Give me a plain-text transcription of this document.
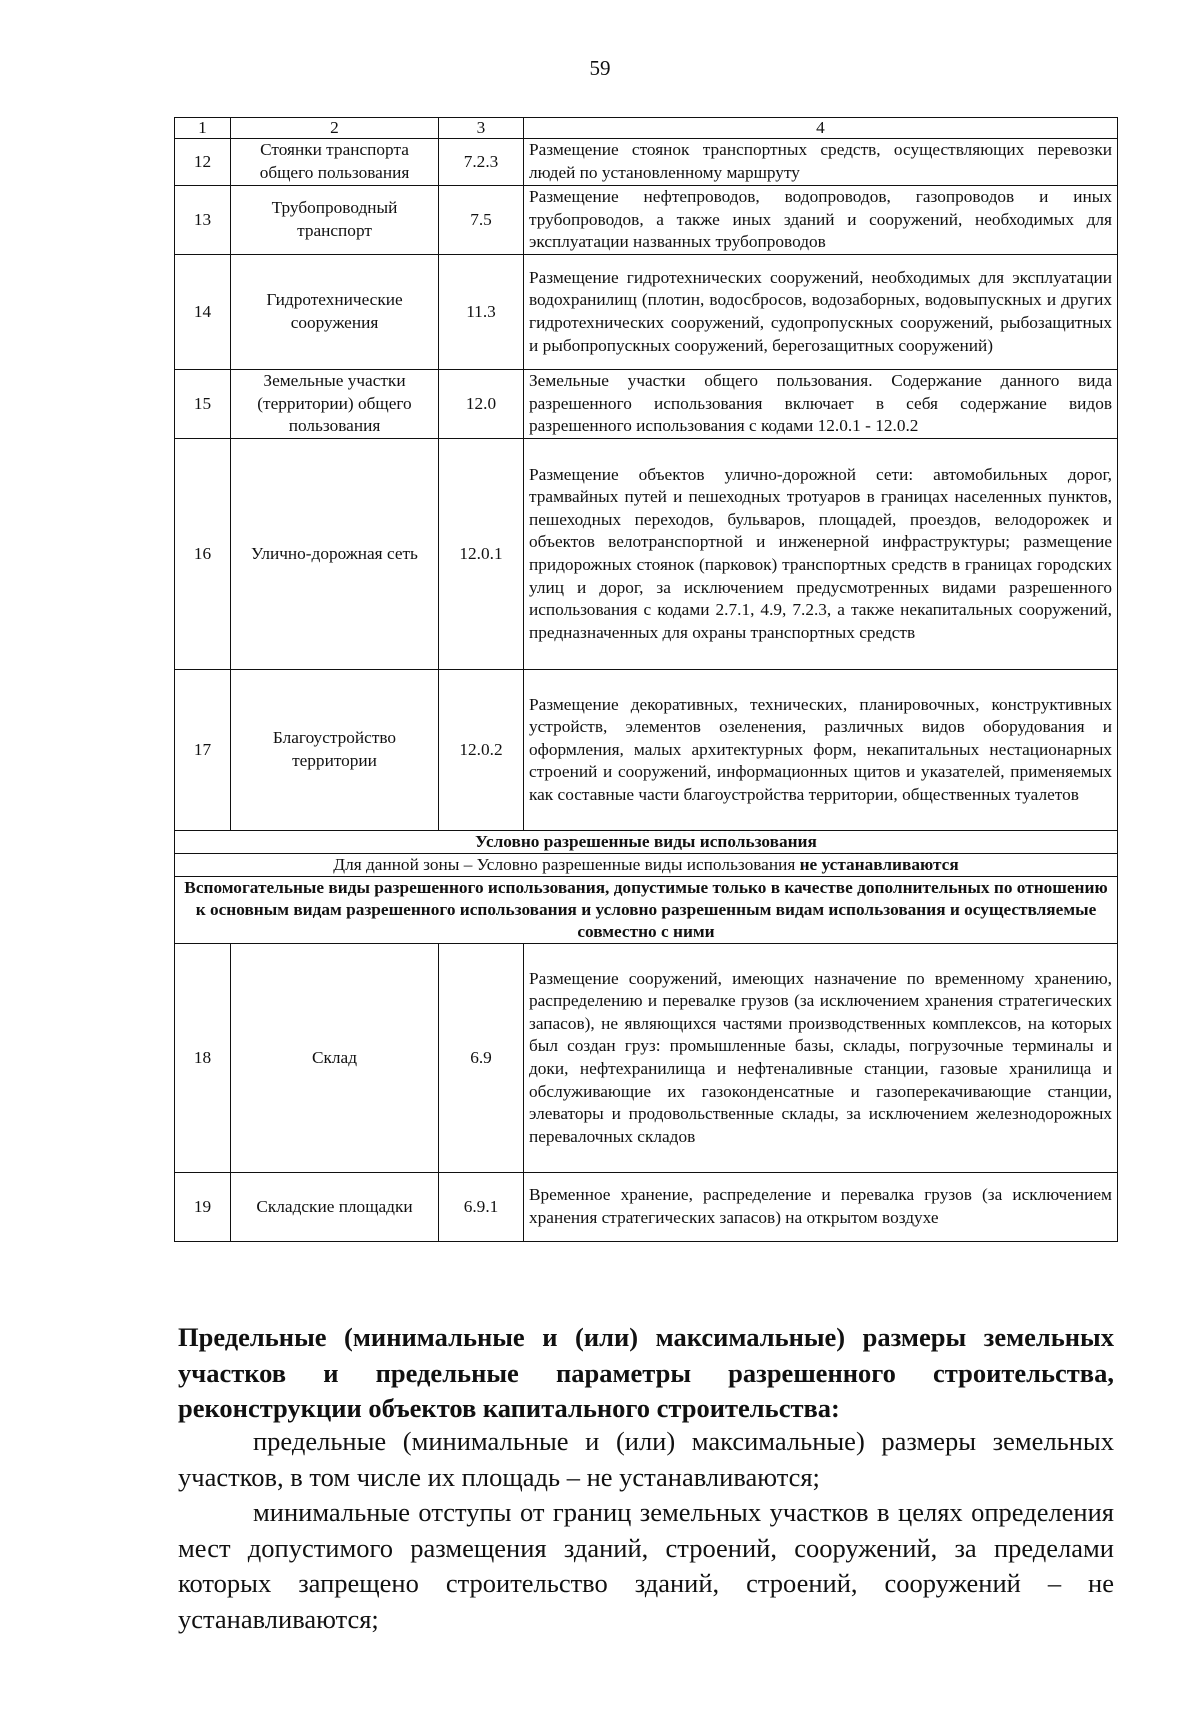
59
1	2	3	4
12	Стоянки транспорта общего пользования	7.2.3	Размещение стоянок транспортных средств, осуществляющих перевозки людей по установленному маршруту
13	Трубопроводный транспорт	7.5	Размещение нефтепроводов, водопроводов, газопроводов и иных трубопроводов, а также иных зданий и сооружений, необходимых для эксплуатации названных трубопроводов
14	Гидротехнические сооружения	11.3	Размещение гидротехнических сооружений, необходимых для эксплуатации водохранилищ (плотин, водосбросов, водозаборных, водовыпускных и других гидротехнических сооружений, судопропускных сооружений, рыбозащитных и рыбопропускных сооружений, берегозащитных сооружений)
15	Земельные участки (территории) общего пользования	12.0	Земельные участки общего пользования. Содержание данного вида разрешенного использования включает в себя содержание видов разрешенного использования с кодами 12.0.1 - 12.0.2
16	Улично-дорожная сеть	12.0.1	Размещение объектов улично-дорожной сети: автомобильных дорог, трамвайных путей и пешеходных тротуаров в границах населенных пунктов, пешеходных переходов, бульваров, площадей, проездов, велодорожек и объектов велотранспортной и инженерной инфраструктуры; размещение придорожных стоянок (парковок) транспортных средств в границах городских улиц и дорог, за исключением предусмотренных видами разрешенного использования с кодами 2.7.1, 4.9, 7.2.3, а также некапитальных сооружений, предназначенных для охраны транспортных средств
17	Благоустройство территории	12.0.2	Размещение декоративных, технических, планировочных, конструктивных устройств, элементов озеленения, различных видов оборудования и оформления, малых архитектурных форм, некапитальных нестационарных строений и сооружений, информационных щитов и указателей, применяемых как составные части благоустройства территории, общественных туалетов
Условно разрешенные виды использования			
Для данной зоны – Условно разрешенные виды использования не устанавливаются			
Вспомогательные виды разрешенного использования, допустимые только в качестве дополнительных по отношению к основным видам разрешенного использования и условно разрешенным видам использования и осуществляемые совместно с ними			
18	Склад	6.9	Размещение сооружений, имеющих назначение по временному хранению, распределению и перевалке грузов (за исключением хранения стратегических запасов), не являющихся частями производственных комплексов, на которых был создан груз: промышленные базы, склады, погрузочные терминалы и доки, нефтехранилища и нефтеналивные станции, газовые хранилища и обслуживающие их газоконденсатные и газоперекачивающие станции, элеваторы и продовольственные склады, за исключением железнодорожных перевалочных складов
19	Складские площадки	6.9.1	Временное хранение, распределение и перевалка грузов (за исключением хранения стратегических запасов) на открытом воздухе
Предельные (минимальные и (или) максимальные) размеры земельных участков и предельные параметры разрешенного строительства, реконструкции объектов капитального строительства:
предельные (минимальные и (или) максимальные) размеры земельных участков, в том числе их площадь – не устанавливаются;
минимальные отступы от границ земельных участков в целях определения мест допустимого размещения зданий, строений, сооружений, за пределами которых запрещено строительство зданий, строений, сооружений – не устанавливаются;
